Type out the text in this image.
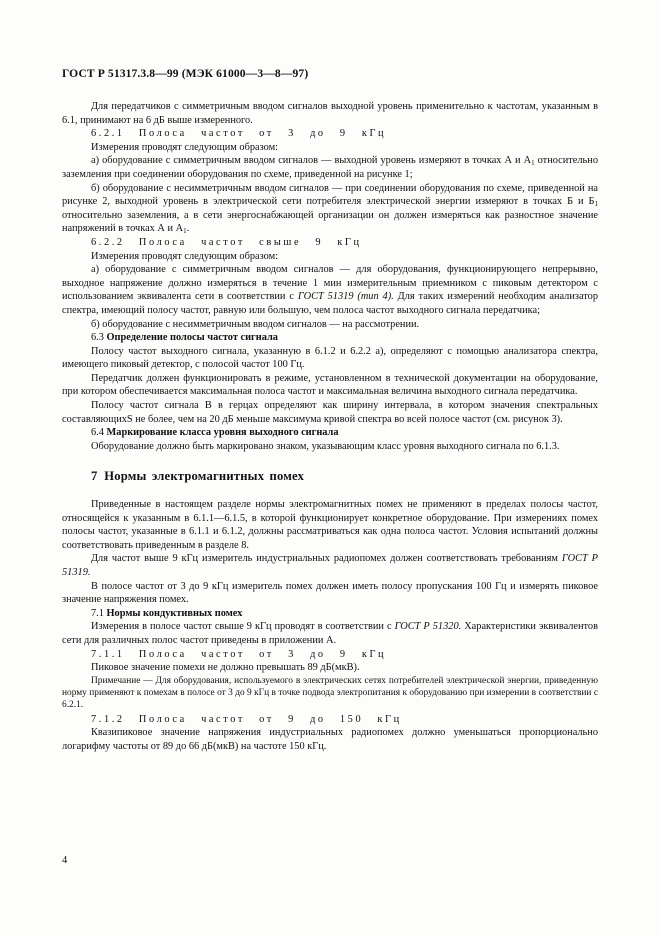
ГОСТ Р 51317.3.8—99 (МЭК 61000—3—8—97)

Для передатчиков с симметричным вводом сигналов выходной уровень применительно к частотам, указанным в 6.1, принимают на 6 дБ выше измеренного.

6.2.1 Полоса частот от 3 до 9 кГц

Измерения проводят следующим образом:

а) оборудование с симметричным вводом сигналов — выходной уровень измеряют в точках А и $А_1$ относительно заземления при соединении оборудования по схеме, приведенной на рисунке 1;

б) оборудование с несимметричным вводом сигналов — при соединении оборудования по схеме, приведенной на рисунке 2, выходной уровень в электрической сети потребителя электрической энергии измеряют в точках Б и $Б_1$ относительно заземления, а в сети энергоснабжающей организации он должен измеряться как разностное значение напряжений в точках А и $А_1$.

6.2.2 Полоса частот свыше 9 кГц

Измерения проводят следующим образом:

а) оборудование с симметричным вводом сигналов — для оборудования, функционирующего непрерывно, выходное напряжение должно измеряться в течение 1 мин измерительным приемником с пиковым детектором с использованием эквивалента сети в соответствии с ГОСТ 51319 (тип 4). Для таких измерений необходим анализатор спектра, имеющий полосу частот, равную или большую, чем полоса частот выходного сигнала передатчика;

б) оборудование с несимметричным вводом сигналов — на рассмотрении.

6.3 Определение полосы частот сигнала

Полосу частот выходного сигнала, указанную в 6.1.2 и 6.2.2 а), определяют с помощью анализатора спектра, имеющего пиковый детектор, с полосой частот 100 Гц.

Передатчик должен функционировать в режиме, установленном в технической документации на оборудование, при котором обеспечивается максимальная полоса частот и максимальная величина выходного сигнала передатчика.

Полосу частот сигнала В в герцах определяют как ширину интервала, в котором значения спектральных составляющихS не более, чем на 20 дБ меньше максимума кривой спектра во всей полосе частот (см. рисунок 3).

6.4 Маркирование класса уровня выходного сигнала

Оборудование должно быть маркировано знаком, указывающим класс уровня выходного сигнала по 6.1.3.

7 Нормы электромагнитных помех

Приведенные в настоящем разделе нормы электромагнитных помех не применяют в пределах полосы частот, относящейся к указанным в 6.1.1—6.1.5, в которой функционирует конкретное оборудование. При измерениях помех полосы частот, указанные в 6.1.1 и 6.1.2, должны рассматриваться как одна полоса частот. Условия испытаний должны соответствовать приведенным в разделе 8.

Для частот выше 9 кГц измеритель индустриальных радиопомех должен соответствовать требованиям ГОСТ Р 51319.

В полосе частот от 3 до 9 кГц измеритель помех должен иметь полосу пропускания 100 Гц и измерять пиковое значение напряжения помех.

7.1 Нормы кондуктивных помех

Измерения в полосе частот свыше 9 кГц проводят в соответствии с ГОСТ Р 51320. Характеристики эквивалентов сети для различных полос частот приведены в приложении А.

7.1.1 Полоса частот от 3 до 9 кГц

Пиковое значение помехи не должно превышать 89 дБ(мкВ).

Примечание — Для оборудования, используемого в электрических сетях потребителей электрической энергии, приведенную норму применяют к помехам в полосе от 3 до 9 кГц в точке подвода электропитания к оборудованию при измерении в соответствии с 6.2.1.

7.1.2 Полоса частот от 9 до 150 кГц

Квазипиковое значение напряжения индустриальных радиопомех должно уменьшаться пропорционально логарифму частоты от 89 до 66 дБ(мкВ) на частоте 150 кГц.

4
